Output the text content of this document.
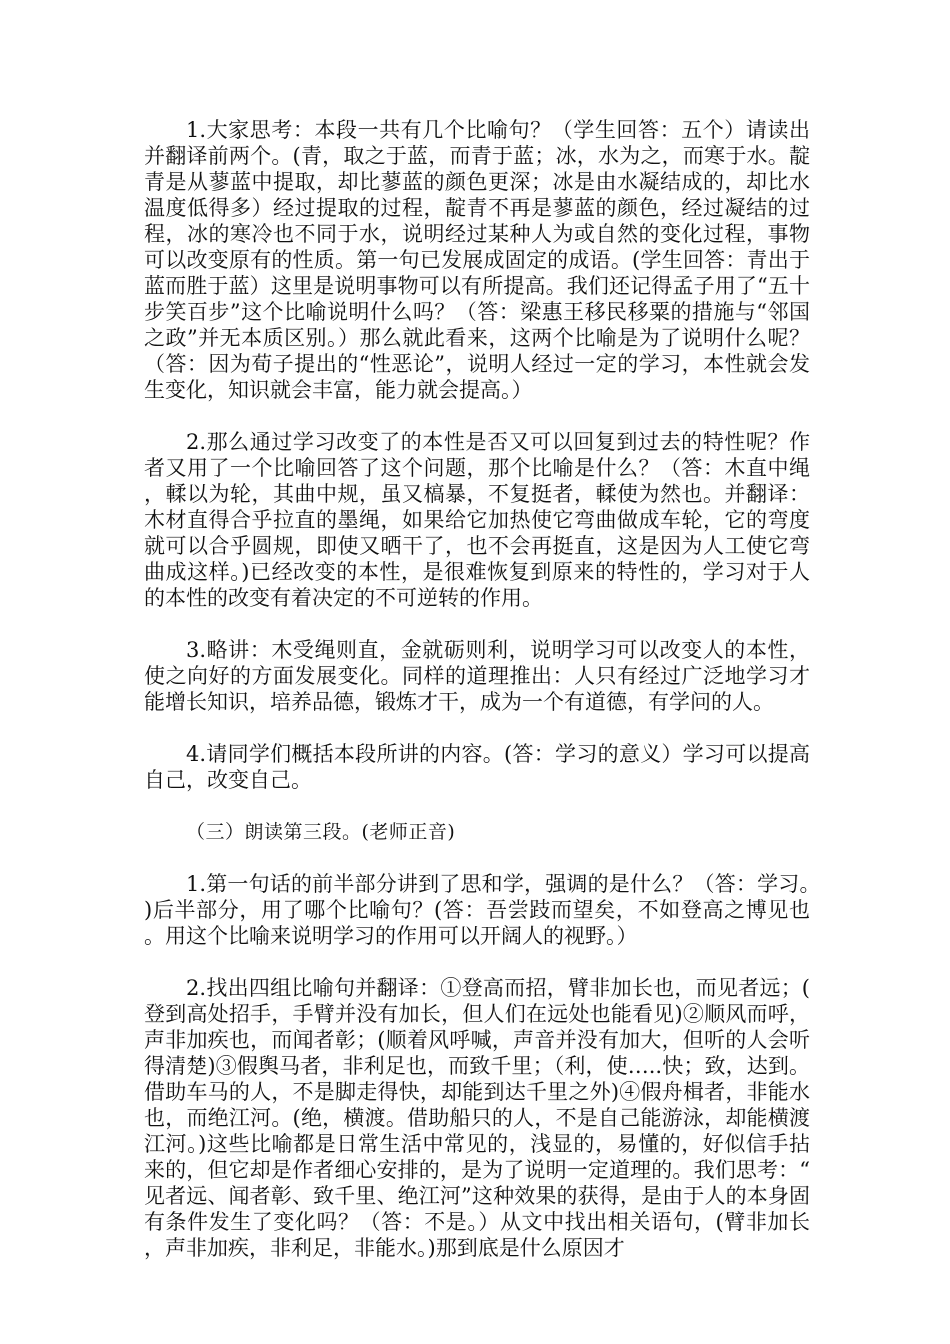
1.大家思考：本段一共有几个比喻句？（学生回答：五个）请读出并翻译前两个。(青，取之于蓝，而青于蓝；冰，水为之，而寒于水。靛青是从蓼蓝中提取，却比蓼蓝的颜色更深；冰是由水凝结成的，却比水温度低得多）经过提取的过程，靛青不再是蓼蓝的颜色，经过凝结的过程，冰的寒冷也不同于水，说明经过某种人为或自然的变化过程，事物可以改变原有的性质。第一句已发展成固定的成语。(学生回答：青出于蓝而胜于蓝）这里是说明事物可以有所提高。我们还记得孟子用了“五十步笑百步”这个比喻说明什么吗？（答：梁惠王移民移粟的措施与“邻国之政”并无本质区别。）那么就此看来，这两个比喻是为了说明什么呢？（答：因为荀子提出的“性恶论”，说明人经过一定的学习，本性就会发生变化，知识就会丰富，能力就会提高。）

2.那么通过学习改变了的本性是否又可以回复到过去的特性呢？作者又用了一个比喻回答了这个问题，那个比喻是什么？（答：木直中绳，輮以为轮，其曲中规，虽又槁暴，不复挺者，輮使为然也。并翻译：木材直得合乎拉直的墨绳，如果给它加热使它弯曲做成车轮，它的弯度就可以合乎圆规，即使又晒干了，也不会再挺直，这是因为人工使它弯曲成这样。)已经改变的本性，是很难恢复到原来的特性的，学习对于人的本性的改变有着决定的不可逆转的作用。

3.略讲：木受绳则直，金就砺则利，说明学习可以改变人的本性，使之向好的方面发展变化。同样的道理推出：人只有经过广泛地学习才能增长知识，培养品德，锻炼才干，成为一个有道德，有学问的人。

4.请同学们概括本段所讲的内容。(答：学习的意义）学习可以提高自己，改变自己。

（三）朗读第三段。(老师正音)

1.第一句话的前半部分讲到了思和学，强调的是什么？（答：学习。)后半部分，用了哪个比喻句？(答：吾尝跂而望矣，不如登高之博见也。用这个比喻来说明学习的作用可以开阔人的视野。）

2.找出四组比喻句并翻译：①登高而招，臂非加长也，而见者远；(登到高处招手，手臂并没有加长，但人们在远处也能看见)②顺风而呼，声非加疾也，而闻者彰；(顺着风呼喊，声音并没有加大，但听的人会听得清楚)③假舆马者，非利足也，而致千里；（利，使…..快；致，达到。借助车马的人，不是脚走得快，却能到达千里之外)④假舟楫者，非能水也，而绝江河。(绝，横渡。借助船只的人，不是自己能游泳，却能横渡江河。)这些比喻都是日常生活中常见的，浅显的，易懂的，好似信手拈来的，但它却是作者细心安排的，是为了说明一定道理的。我们思考：“见者远、闻者彰、致千里、绝江河”这种效果的获得，是由于人的本身固有条件发生了变化吗？（答：不是。）从文中找出相关语句，(臂非加长，声非加疾，非利足，非能水。)那到底是什么原因才
